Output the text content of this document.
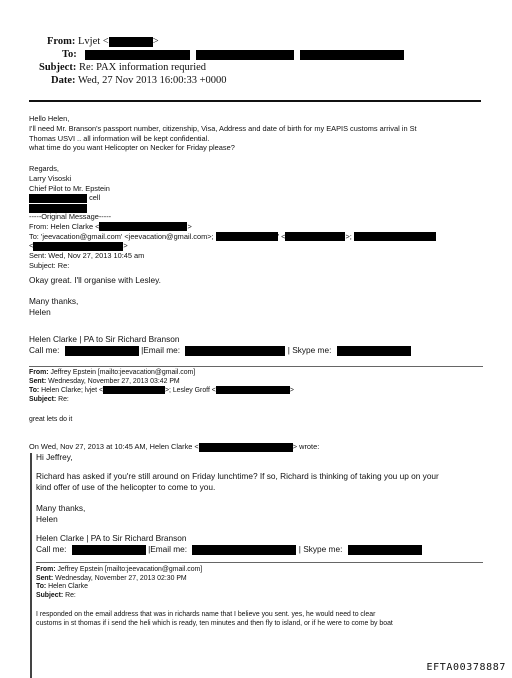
From: Lvjet <	>
To:
Subject: Re: PAX information requried
Date: Wed, 27 Nov 2013 16:00:33 +0000
Hello Helen,
I'll need Mr. Branson's passport number, citizenship, Visa, Address and date of birth for my EAPIS customs arrival in St
Thomas USVI .. all information will be kept confidential.
what time do you want Helicopter on Necker for Friday please?
Regards,
Larry Visoski
Chief Pilot to Mr. Epstein
cell
-----Original Message-----
From: Helen Clarke <	>
To: 'jeevacation@gmail.com' <jeevacation@gmail.com>;	' <	>;
<	>
Sent: Wed, Nov 27, 2013 10:45 am
Subject: Re:
Okay great. I'll organise with Lesley.
Many thanks,
Helen
Helen Clarke | PA to Sir Richard Branson
Call me:	|Email me:	| Skype me:
From: Jeffrey Epstein [mailto:jeevacation@gmail.com]
Sent: Wednesday, November 27, 2013 03:42 PM
To: Helen Clarke; lvjet <	>; Lesley Groff <	>
Subject: Re:
great lets do it
On Wed, Nov 27, 2013 at 10:45 AM, Helen Clarke <	> wrote:
Hi Jeffrey,
Richard has asked if you're still around on Friday lunchtime? If so, Richard is thinking of taking you up on your
kind offer of use of the helicopter to come to you.
Many thanks,
Helen
Helen Clarke | PA to Sir Richard Branson
Call me:	|Email me:	| Skype me:
From: Jeffrey Epstein [mailto:jeevacation@gmail.com]
Sent: Wednesday, November 27, 2013 02:30 PM
To: Helen Clarke
Subject: Re:
I responded on the email address that was in richards name that I believe you sent. yes, he would need to clear
customs in st thomas if i send the heli which is ready, ten minutes and then fly to island, or if he were to come by boat
EFTA00378887
